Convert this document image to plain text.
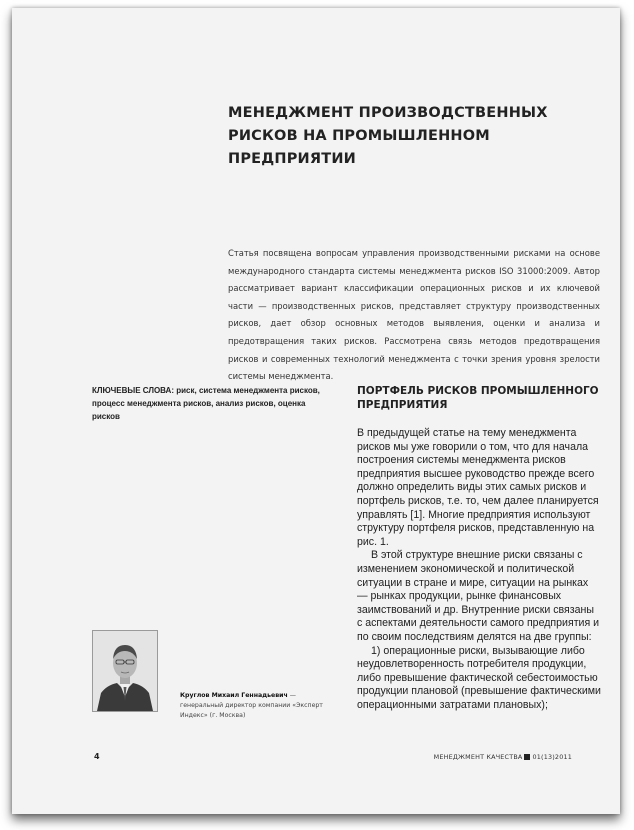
МЕНЕДЖМЕНТ ПРОИЗВОДСТВЕННЫХ
РИСКОВ НА ПРОМЫШЛЕННОМ
ПРЕДПРИЯТИИ

Статья посвящена вопросам управления производственными рисками на основе международного стандарта системы менеджмента рисков ISO 31000:2009. Автор рассматривает вариант классификации операционных рисков и их ключевой части — производственных рисков, представляет структуру производственных рисков, дает обзор основных методов выявления, оценки и анализа и предотвращения таких рисков. Рассмотрена связь методов предотвращения рисков и современных технологий менеджмента с точки зрения уровня зрелости системы менеджмента.

КЛЮЧЕВЫЕ СЛОВА: риск, система менеджмента рисков, процесс менеджмента рисков, анализ рисков, оценка рисков

ПОРТФЕЛЬ РИСКОВ ПРОМЫШЛЕННОГО
ПРЕДПРИЯТИЯ

В предыдущей статье на тему менеджмента рисков мы уже говорили о том, что для начала построения системы менеджмента рисков предприятия высшее руководство прежде всего должно определить виды этих самых рисков и портфель рисков, т.е. то, чем далее планируется управлять [1]. Многие предприятия используют структуру портфеля рисков, представленную на рис. 1.

В этой структуре внешние риски связаны с изменением экономической и политической ситуации в стране и мире, ситуации на рынках — рынках продукции, рынке финансовых заимствований и др. Внутренние риски связаны с аспектами деятельности самого предприятия и по своим последствиям делятся на две группы:

1) операционные риски, вызывающие либо неудовлетворенность потребителя продукции, либо превышение фактической себестоимостью продукции плановой (превышение фактическими операционными затратами плановых);

Круглов Михаил Геннадьевич — генеральный директор компании «Эксперт Индекс» (г. Москва)

4	МЕНЕДЖМЕНТ КАЧЕСТВА 01(13)2011
